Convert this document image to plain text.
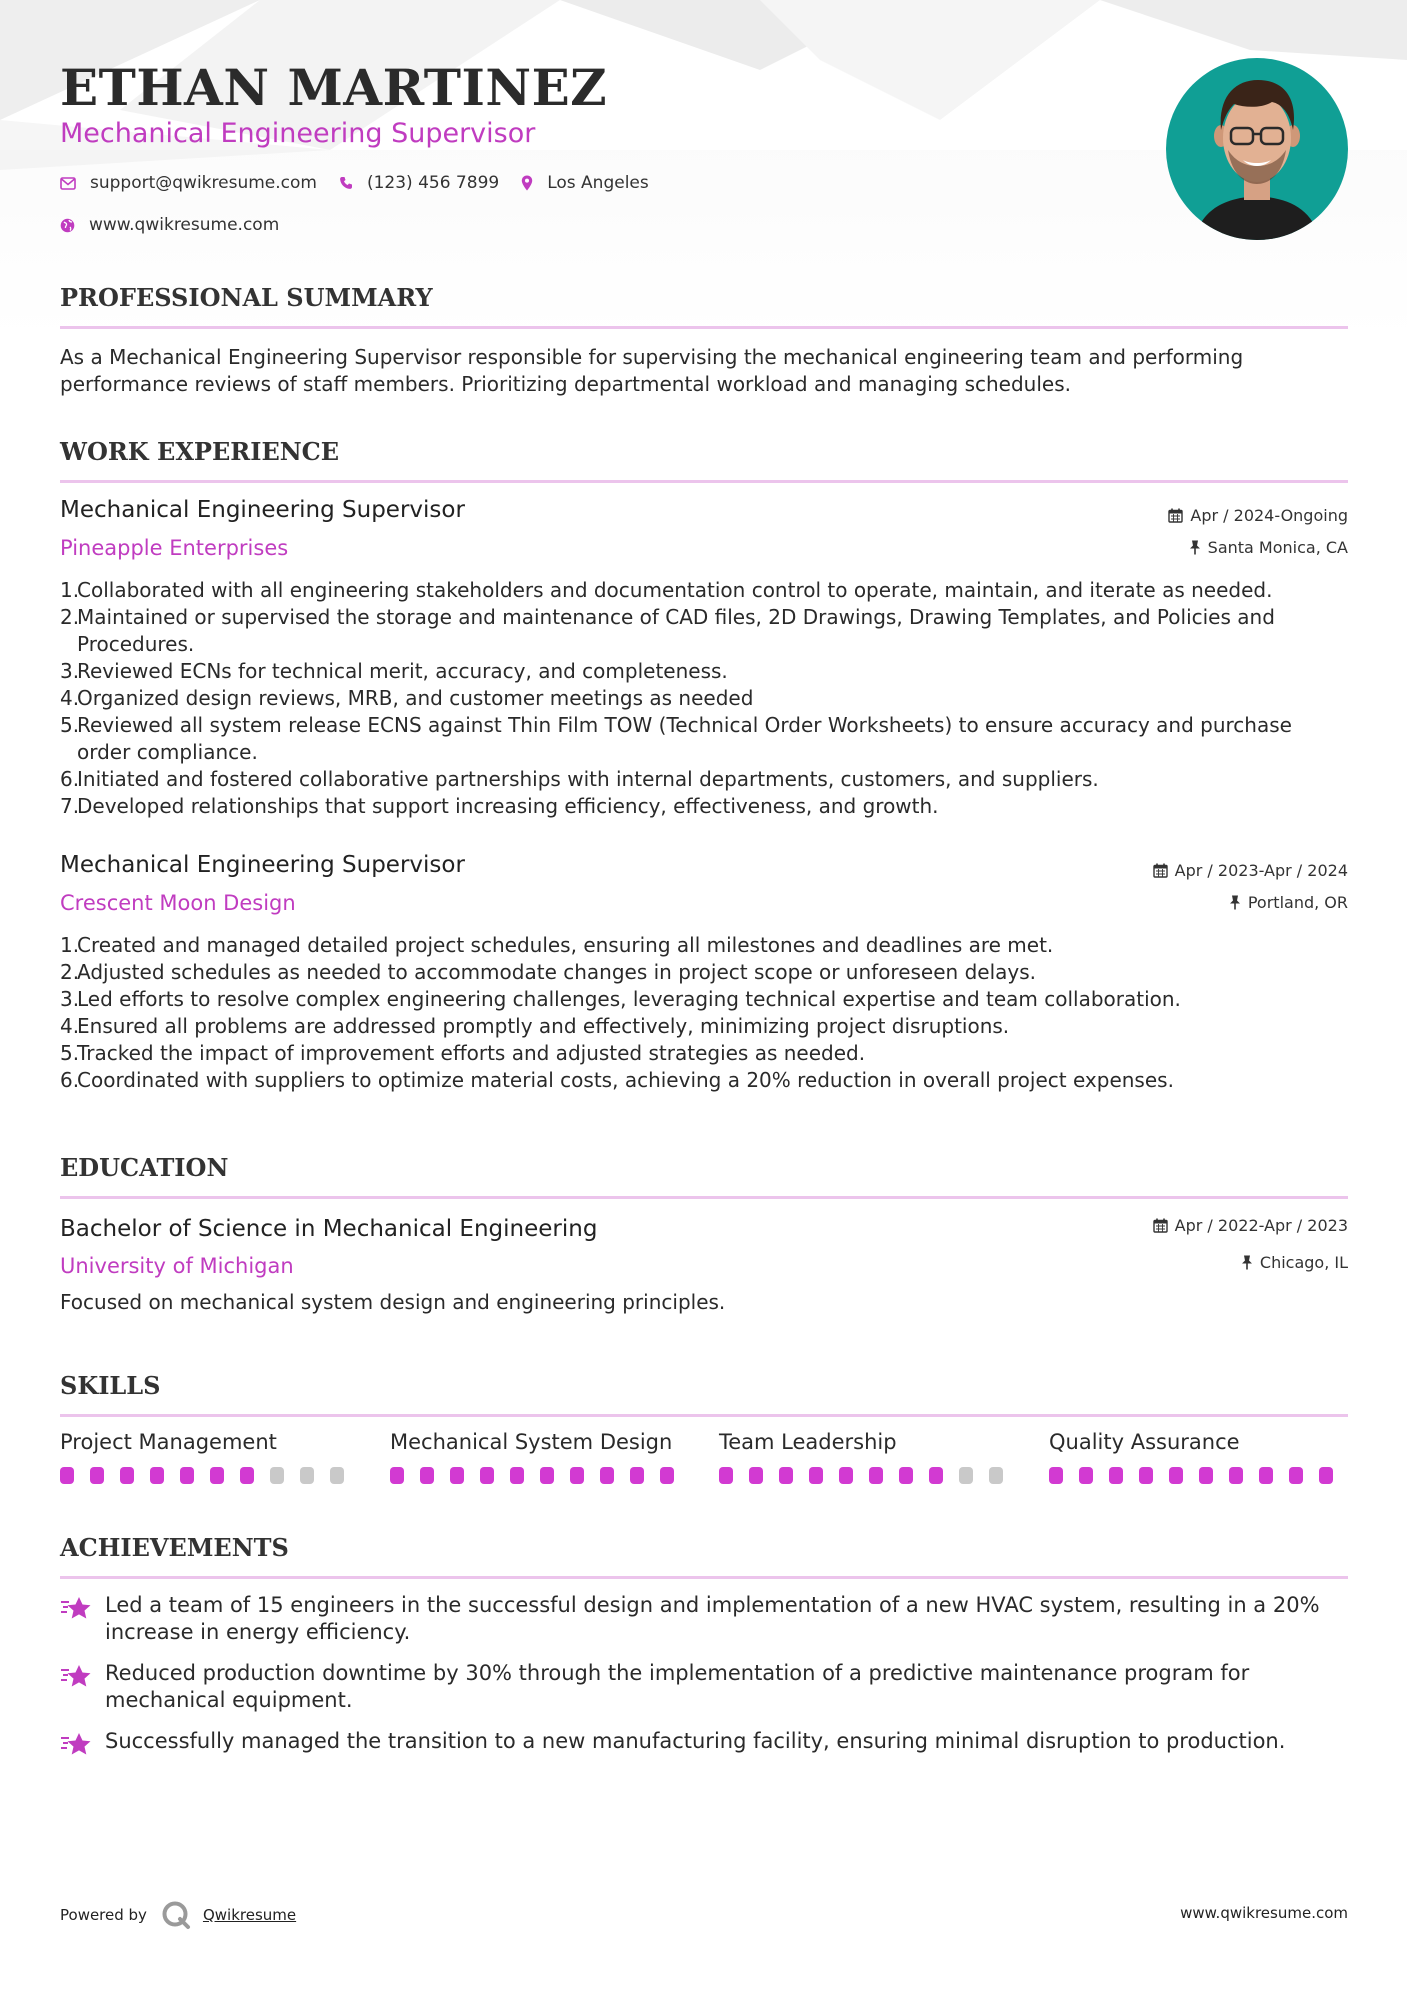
ETHAN MARTINEZ
Mechanical Engineering Supervisor
support@qwikresume.com	(123) 456 7899	Los Angeles
www.qwikresume.com
PROFESSIONAL SUMMARY
As a Mechanical Engineering Supervisor responsible for supervising the mechanical engineering team and performing performance reviews of staff members. Prioritizing departmental workload and managing schedules.
WORK EXPERIENCE
Mechanical Engineering Supervisor
Pineapple Enterprises
Apr / 2024-Ongoing
Santa Monica, CA
1.
Collaborated with all engineering stakeholders and documentation control to operate, maintain, and iterate as needed.
2.
Maintained or supervised the storage and maintenance of CAD files, 2D Drawings, Drawing Templates, and Policies and Procedures.
3.
Reviewed ECNs for technical merit, accuracy, and completeness.
4.
Organized design reviews, MRB, and customer meetings as needed
5.
Reviewed all system release ECNS against Thin Film TOW (Technical Order Worksheets) to ensure accuracy and purchase order compliance.
6.
Initiated and fostered collaborative partnerships with internal departments, customers, and suppliers.
7.
Developed relationships that support increasing efficiency, effectiveness, and growth.
Mechanical Engineering Supervisor
Crescent Moon Design
Apr / 2023-Apr / 2024
Portland, OR
1.
Created and managed detailed project schedules, ensuring all milestones and deadlines are met.
2.
Adjusted schedules as needed to accommodate changes in project scope or unforeseen delays.
3.
Led efforts to resolve complex engineering challenges, leveraging technical expertise and team collaboration.
4.
Ensured all problems are addressed promptly and effectively, minimizing project disruptions.
5.
Tracked the impact of improvement efforts and adjusted strategies as needed.
6.
Coordinated with suppliers to optimize material costs, achieving a 20% reduction in overall project expenses.
EDUCATION
Bachelor of Science in Mechanical Engineering
University of Michigan
Apr / 2022-Apr / 2023
Chicago, IL
Focused on mechanical system design and engineering principles.
SKILLS
Project Management	Mechanical System Design	Team Leadership	Quality Assurance
ACHIEVEMENTS
Led a team of 15 engineers in the successful design and implementation of a new HVAC system, resulting in a 20% increase in energy efficiency.
Reduced production downtime by 30% through the implementation of a predictive maintenance program for mechanical equipment.
Successfully managed the transition to a new manufacturing facility, ensuring minimal disruption to production.
Powered by	Qwikresume	www.qwikresume.com
